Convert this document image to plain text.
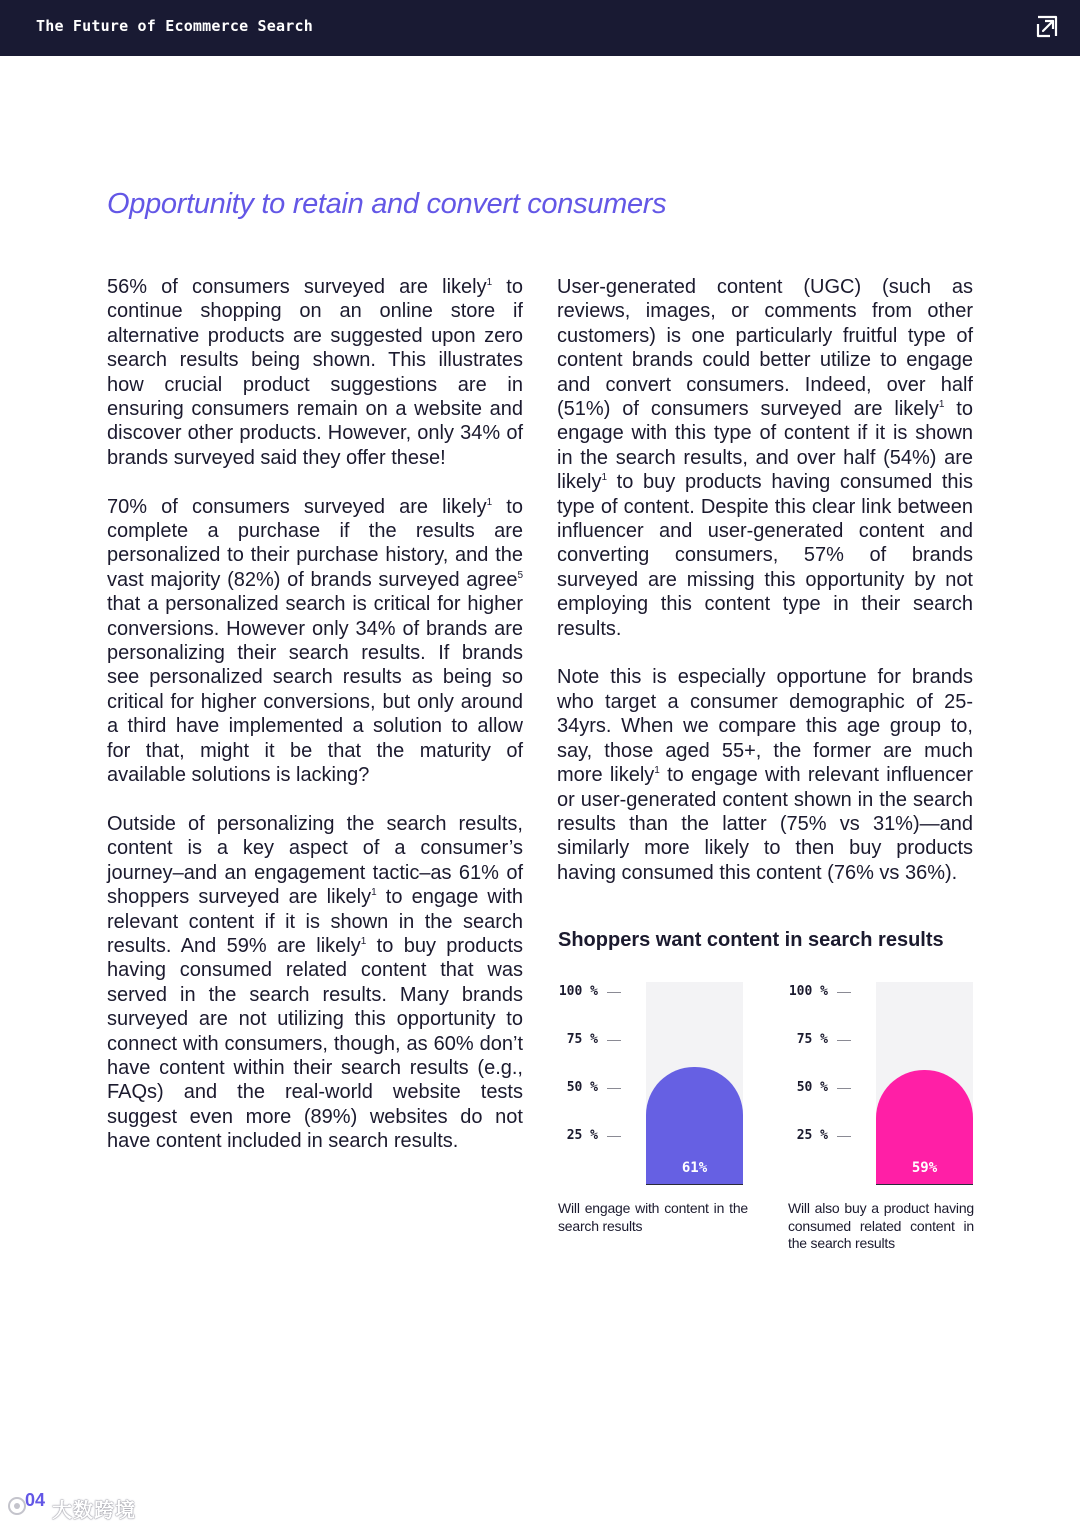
The Future of Ecommerce Search
Opportunity to retain and convert consumers

56% of consumers surveyed are likely$^1$ to continue shopping on an online store if alternative products are suggested upon zero search results being shown. This illustrates how crucial product suggestions are in ensuring consumers remain on a website and discover other products. However, only 34% of brands surveyed said they offer these!

70% of consumers surveyed are likely$^1$ to complete a purchase if the results are personalized to their purchase history, and the vast majority (82%) of brands surveyed agree$^5$ that a personalized search is critical for higher conversions. However only 34% of brands are personalizing their search results. If brands see personalized search results as being so critical for higher conversions, but only around a third have implemented a solution to allow for that, might it be that the maturity of available solutions is lacking?

Outside of personalizing the search results, content is a key aspect of a consumer’s journey–and an engagement tactic–as 61% of shoppers surveyed are likely$^1$ to engage with relevant content if it is shown in the search results. And 59% are likely$^1$ to buy products having consumed related content that was served in the search results. Many brands surveyed are not utilizing this opportunity to connect with consumers, though, as 60% don’t have content within their search results (e.g., FAQs) and the real-world website tests suggest even more (89%) websites do not have content included in search results.

User-generated content (UGC) (such as reviews, images, or comments from other customers) is one particularly fruitful type of content brands could better utilize to engage and convert consumers. Indeed, over half (51%) of consumers surveyed are likely$^1$ to engage with this type of content if it is shown in the search results, and over half (54%) are likely$^1$ to buy products having consumed this type of content. Despite this clear link between influencer and user-generated content and converting consumers, 57% of brands surveyed are missing this opportunity by not employing this content type in their search results.

Note this is especially opportune for brands who target a consumer demographic of 25-34yrs. When we compare this age group to, say, those aged 55+, the former are much more likely$^1$ to engage with relevant influencer or user-generated content shown in the search results than the latter (75% vs 31%)—and similarly more likely to then buy products having consumed this content (76% vs 36%).

Shoppers want content in search results
61%
100 %
75 %
50 %
25 %
Will engage with content in the search results
59%
100 %
75 %
50 %
25 %
Will also buy a product having consumed related content in the search results
04 大数跨境
